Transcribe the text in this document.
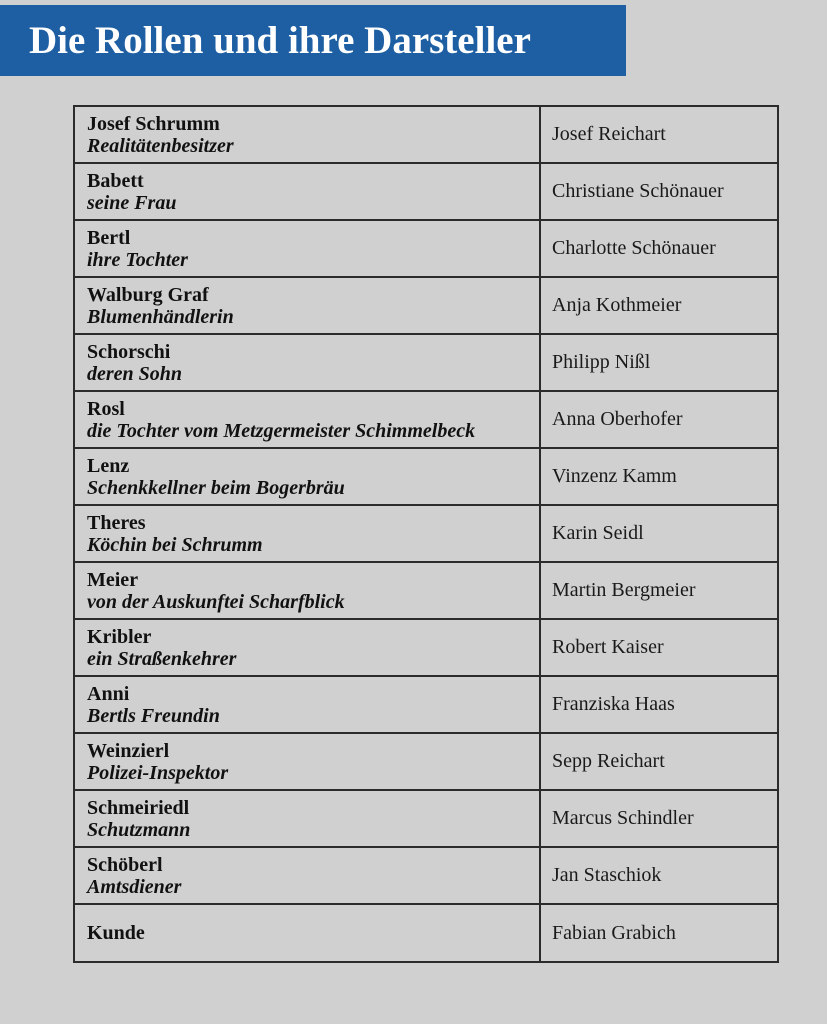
Die Rollen und ihre Darsteller
Josef Schrumm
Realitätenbesitzer	Josef Reichart

Babett
seine Frau	Christiane Schönauer

Bertl
ihre Tochter	Charlotte Schönauer

Walburg Graf
Blumenhändlerin	Anja Kothmeier

Schorschi
deren Sohn	Philipp Nißl

Rosl
die Tochter vom Metzgermeister Schimmelbeck	Anna Oberhofer

Lenz
Schenkkellner beim Bogerbräu	Vinzenz Kamm

Theres
Köchin bei Schrumm	Karin Seidl

Meier
von der Auskunftei Scharfblick	Martin Bergmeier

Kribler
ein Straßenkehrer	Robert Kaiser

Anni
Bertls Freundin	Franziska Haas

Weinzierl
Polizei-Inspektor	Sepp Reichart

Schmeiriedl
Schutzmann	Marcus Schindler

Schöberl
Amtsdiener	Jan Staschiok

Kunde	Fabian Grabich
